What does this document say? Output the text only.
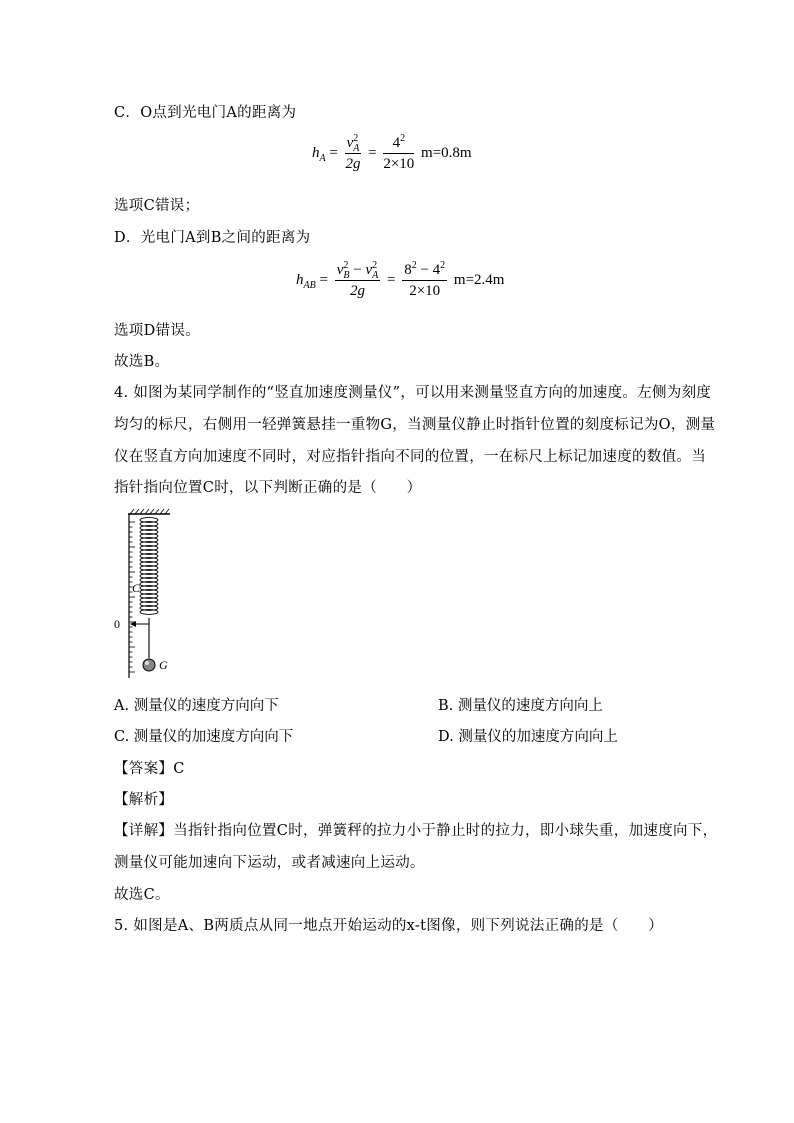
C．O点到光电门A的距离为
$h_A = \frac{v^2_A}{2g} = \frac{4^2}{2\times 10} m=0.8m$
选项C错误；
D．光电门A到B之间的距离为
$h_{AB} = \frac{v^2_B - v^2_A}{2g} = \frac{8^2 - 4^2}{2\times 10} m=2.4m$
选项D错误。
故选B。
4. 如图为某同学制作的“竖直加速度测量仪”，可以用来测量竖直方向的加速度。左侧为刻度
均匀的标尺，右侧用一轻弹簧悬挂一重物G，当测量仪静止时指针位置的刻度标记为O，测量
仪在竖直方向加速度不同时，对应指针指向不同的位置，一在标尺上标记加速度的数值。当
指针指向位置C时，以下判断正确的是（　　）
C
0
G
A. 测量仪的速度方向向下	B. 测量仪的速度方向向上
C. 测量仪的加速度方向向下	D. 测量仪的加速度方向向上
【答案】C
【解析】
【详解】当指针指向位置C时，弹簧秤的拉力小于静止时的拉力，即小球失重，加速度向下，
测量仪可能加速向下运动，或者减速向上运动。
故选C。
5. 如图是A、B两质点从同一地点开始运动的x-t图像，则下列说法正确的是（　　）
